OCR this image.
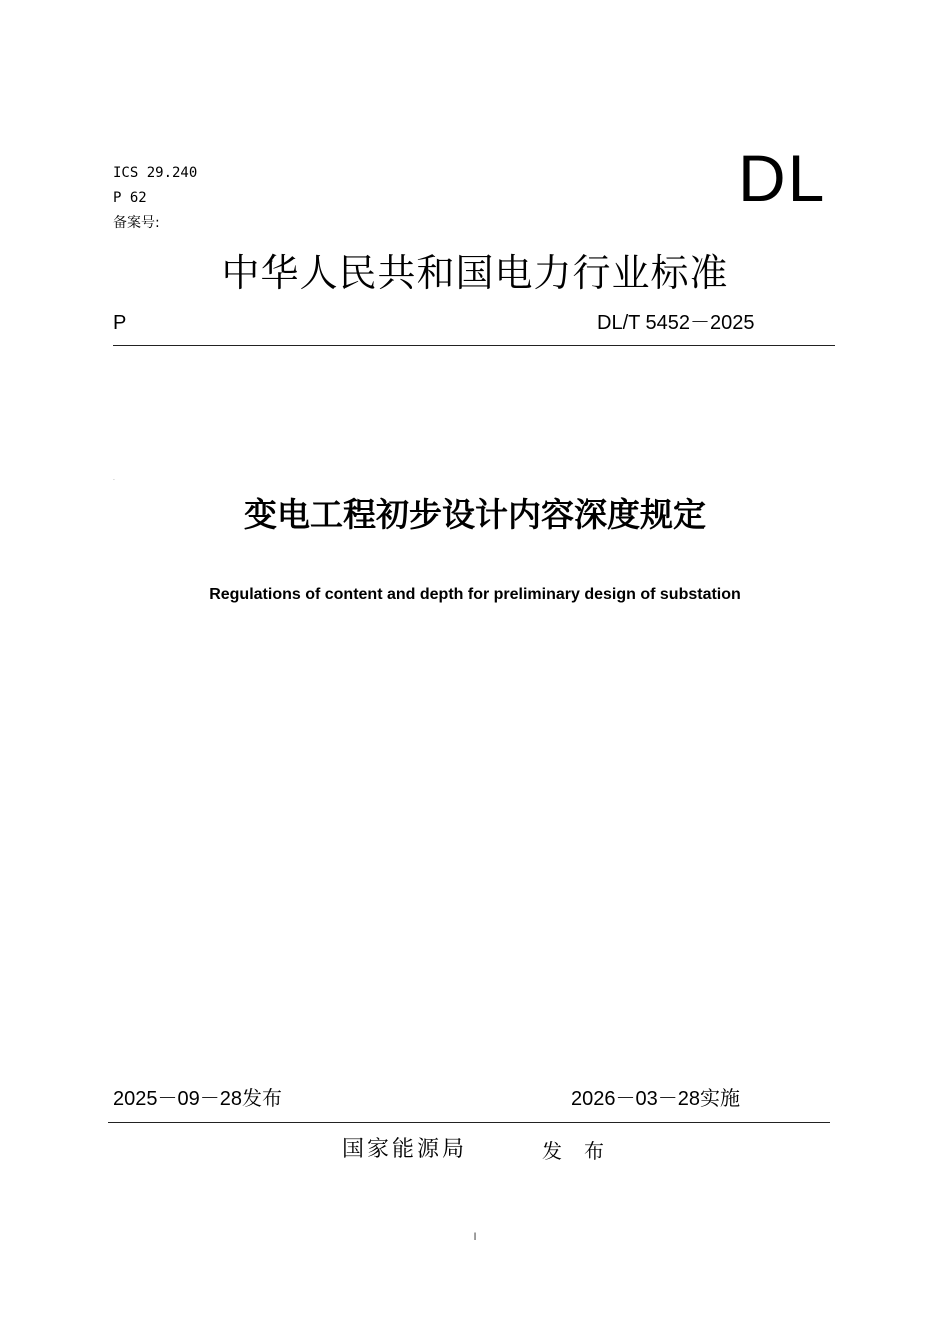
ICS 29.240
P 62
备案号:
DL
中华人民共和国电力行业标准
P	DL/T 5452－2025
.
变电工程初步设计内容深度规定
Regulations of content and depth for preliminary design of substation
2025－09－28发布	2026－03－28实施
国家能源局	发布
I
